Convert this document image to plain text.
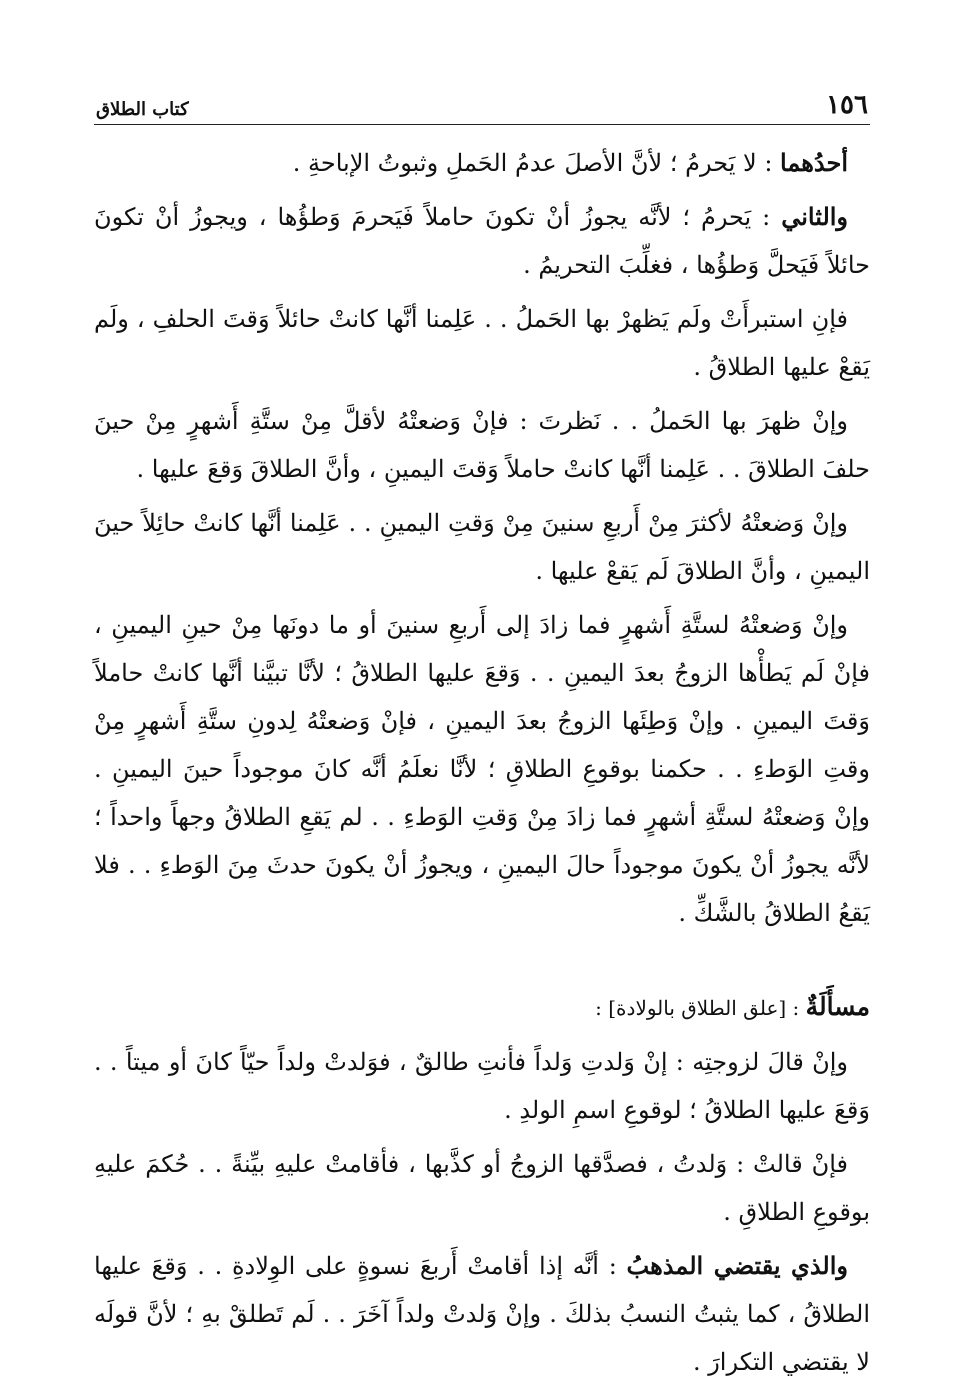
١٥٦
كتاب الطلاق

أحدُهما : لا يَحرمُ ؛ لأنَّ الأصلَ عدمُ الحَملِ وثبوتُ الإباحةِ .

والثاني : يَحرمُ ؛ لأنَّه يجوزُ أنْ تكونَ حاملاً فَيَحرمَ وَطؤُها ، ويجوزُ أنْ تكونَ حائلاً فَيَحلَّ وَطؤُها ، فغلِّبَ التحريمُ .

فإنِ استبرأَتْ ولَم يَظهرْ بها الحَملُ . . عَلِمنا أنَّها كانتْ حائلاً وَقتَ الحلفِ ، ولَم يَقعْ عليها الطلاقُ .

وإنْ ظهرَ بها الحَملُ . . نَظرتَ : فإنْ وَضعتْهُ لأقلَّ مِنْ ستَّةِ أَشهرٍ مِنْ حينَ حلفَ الطلاقَ . . عَلِمنا أنَّها كانتْ حاملاً وَقتَ اليمينِ ، وأنَّ الطلاقَ وَقعَ عليها .

وإنْ وَضعتْهُ لأكثرَ مِنْ أَربعِ سنينَ مِنْ وَقتِ اليمينِ . . عَلِمنا أنَّها كانتْ حائِلاً حينَ اليمينِ ، وأنَّ الطلاقَ لَم يَقعْ عليها .

وإنْ وَضعتْهُ لستَّةِ أَشهرٍ فما زادَ إلى أَربعِ سنينَ أو ما دونَها مِنْ حينِ اليمينِ ، فإنْ لَم يَطأْها الزوجُ بعدَ اليمينِ . . وَقعَ عليها الطلاقُ ؛ لأنَّا تبيَّنا أنَّها كانتْ حاملاً وَقتَ اليمينِ . وإنْ وَطِئَها الزوجُ بعدَ اليمينِ ، فإنْ وَضعتْهُ لِدونِ ستَّةِ أَشهرٍ مِنْ وقتِ الوَطءِ . . حكمنا بوقوعِ الطلاقِ ؛ لأنَّا نعلَمُ أنَّه كانَ موجوداً حينَ اليمينِ . وإنْ وَضعتْهُ لستَّةِ أشهرٍ فما زادَ مِنْ وَقتِ الوَطءِ . . لم يَقعِ الطلاقُ وجهاً واحداً ؛ لأنَّه يجوزُ أنْ يكونَ موجوداً حالَ اليمينِ ، ويجوزُ أنْ يكونَ حدثَ مِنَ الوَطءِ . . فلا يَقعُ الطلاقُ بالشَّكِّ .

مسأَلَةٌ : [علق الطلاق بالولادة] :

وإنْ قالَ لزوجتِه : إنْ وَلدتِ وَلداً فأنتِ طالقٌ ، فوَلدتْ ولداً حيّاً كانَ أو ميتاً . . وَقعَ عليها الطلاقُ ؛ لوقوعِ اسمِ الولدِ .

فإنْ قالتْ : وَلدتُ ، فصدَّقها الزوجُ أو كذَّبها ، فأقامتْ عليهِ بيِّنةً . . حُكمَ عليهِ بوقوعِ الطلاقِ .

والذي يقتضي المذهبُ : أنَّه إذا أقامتْ أَربعَ نسوةٍ على الوِلادةِ . . وَقعَ عليها الطلاقُ ، كما يثبتُ النسبُ بذلكَ . وإنْ وَلدتْ ولداً آخَرَ . . لَم تَطلقْ بهِ ؛ لأنَّ قولَه لا يقتضي التكرارَ .
